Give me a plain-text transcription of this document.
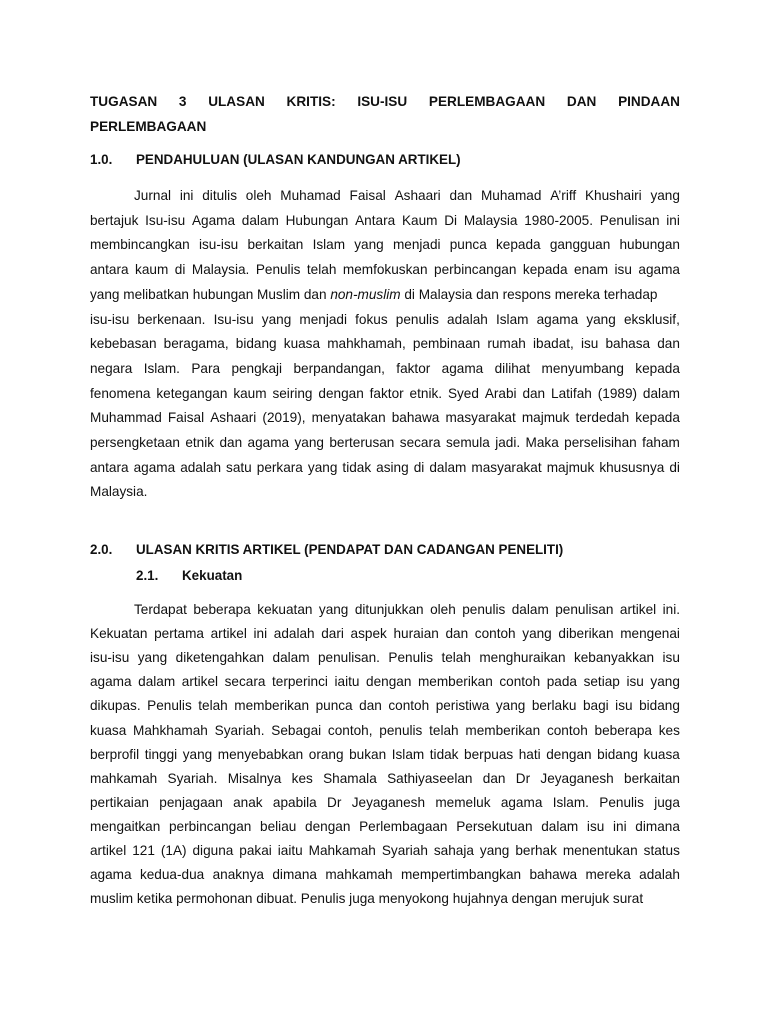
TUGASAN 3 ULASAN KRITIS: ISU-ISU PERLEMBAGAAN DAN PINDAAN
PERLEMBAGAAN
1.0. PENDAHULUAN (ULASAN KANDUNGAN ARTIKEL)
Jurnal ini ditulis oleh Muhamad Faisal Ashaari dan Muhamad A’riff Khushairi yang
bertajuk Isu-isu Agama dalam Hubungan Antara Kaum Di Malaysia 1980-2005. Penulisan ini
membincangkan isu-isu berkaitan Islam yang menjadi punca kepada gangguan hubungan
antara kaum di Malaysia. Penulis telah memfokuskan perbincangan kepada enam isu agama
yang melibatkan hubungan Muslim dan non-muslim di Malaysia dan respons mereka terhadap
isu-isu berkenaan. Isu-isu yang menjadi fokus penulis adalah Islam agama yang eksklusif,
kebebasan beragama, bidang kuasa mahkhamah, pembinaan rumah ibadat, isu bahasa dan
negara Islam. Para pengkaji berpandangan, faktor agama dilihat menyumbang kepada
fenomena ketegangan kaum seiring dengan faktor etnik. Syed Arabi dan Latifah (1989) dalam
Muhammad Faisal Ashaari (2019), menyatakan bahawa masyarakat majmuk terdedah kepada
persengketaan etnik dan agama yang berterusan secara semula jadi. Maka perselisihan faham
antara agama adalah satu perkara yang tidak asing di dalam masyarakat majmuk khususnya di
Malaysia.
2.0. ULASAN KRITIS ARTIKEL (PENDAPAT DAN CADANGAN PENELITI)
2.1. Kekuatan
Terdapat beberapa kekuatan yang ditunjukkan oleh penulis dalam penulisan artikel ini.
Kekuatan pertama artikel ini adalah dari aspek huraian dan contoh yang diberikan mengenai
isu-isu yang diketengahkan dalam penulisan. Penulis telah menghuraikan kebanyakkan isu
agama dalam artikel secara terperinci iaitu dengan memberikan contoh pada setiap isu yang
dikupas. Penulis telah memberikan punca dan contoh peristiwa yang berlaku bagi isu bidang
kuasa Mahkhamah Syariah. Sebagai contoh, penulis telah memberikan contoh beberapa kes
berprofil tinggi yang menyebabkan orang bukan Islam tidak berpuas hati dengan bidang kuasa
mahkamah Syariah. Misalnya kes Shamala Sathiyaseelan dan Dr Jeyaganesh berkaitan
pertikaian penjagaan anak apabila Dr Jeyaganesh memeluk agama Islam. Penulis juga
mengaitkan perbincangan beliau dengan Perlembagaan Persekutuan dalam isu ini dimana
artikel 121 (1A) diguna pakai iaitu Mahkamah Syariah sahaja yang berhak menentukan status
agama kedua-dua anaknya dimana mahkamah mempertimbangkan bahawa mereka adalah
muslim ketika permohonan dibuat. Penulis juga menyokong hujahnya dengan merujuk surat
